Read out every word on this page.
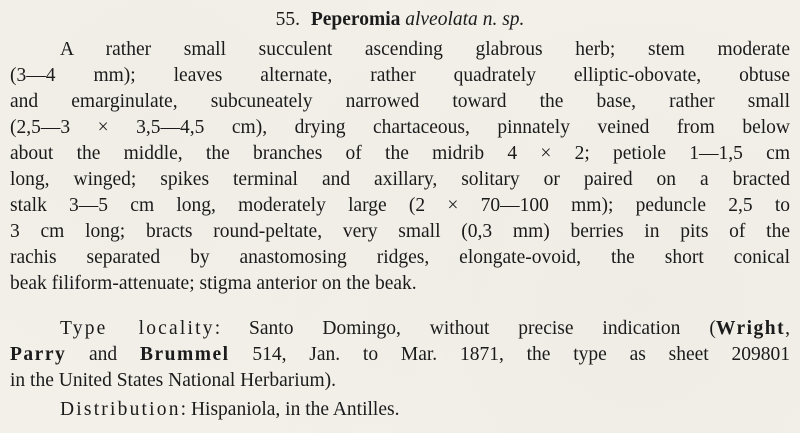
55. Peperomia alveolata n. sp.
A rather small succulent ascending glabrous herb; stem moderate
(3—4 mm); leaves alternate, rather quadrately elliptic-obovate, obtuse
and emarginulate, subcuneately narrowed toward the base, rather small
(2,5—3 × 3,5—4,5 cm), drying chartaceous, pinnately veined from below
about the middle, the branches of the midrib 4 × 2; petiole 1—1,5 cm
long, winged; spikes terminal and axillary, solitary or paired on a bracted
stalk 3—5 cm long, moderately large (2 × 70—100 mm); peduncle 2,5 to
3 cm long; bracts round-peltate, very small (0,3 mm) berries in pits of the
rachis separated by anastomosing ridges, elongate-ovoid, the short conical
beak filiform-attenuate; stigma anterior on the beak.
Type locality: Santo Domingo, without precise indication (Wright,
Parry and Brummel 514, Jan. to Mar. 1871, the type as sheet 209801
in the United States National Herbarium).
Distribution: Hispaniola, in the Antilles.
